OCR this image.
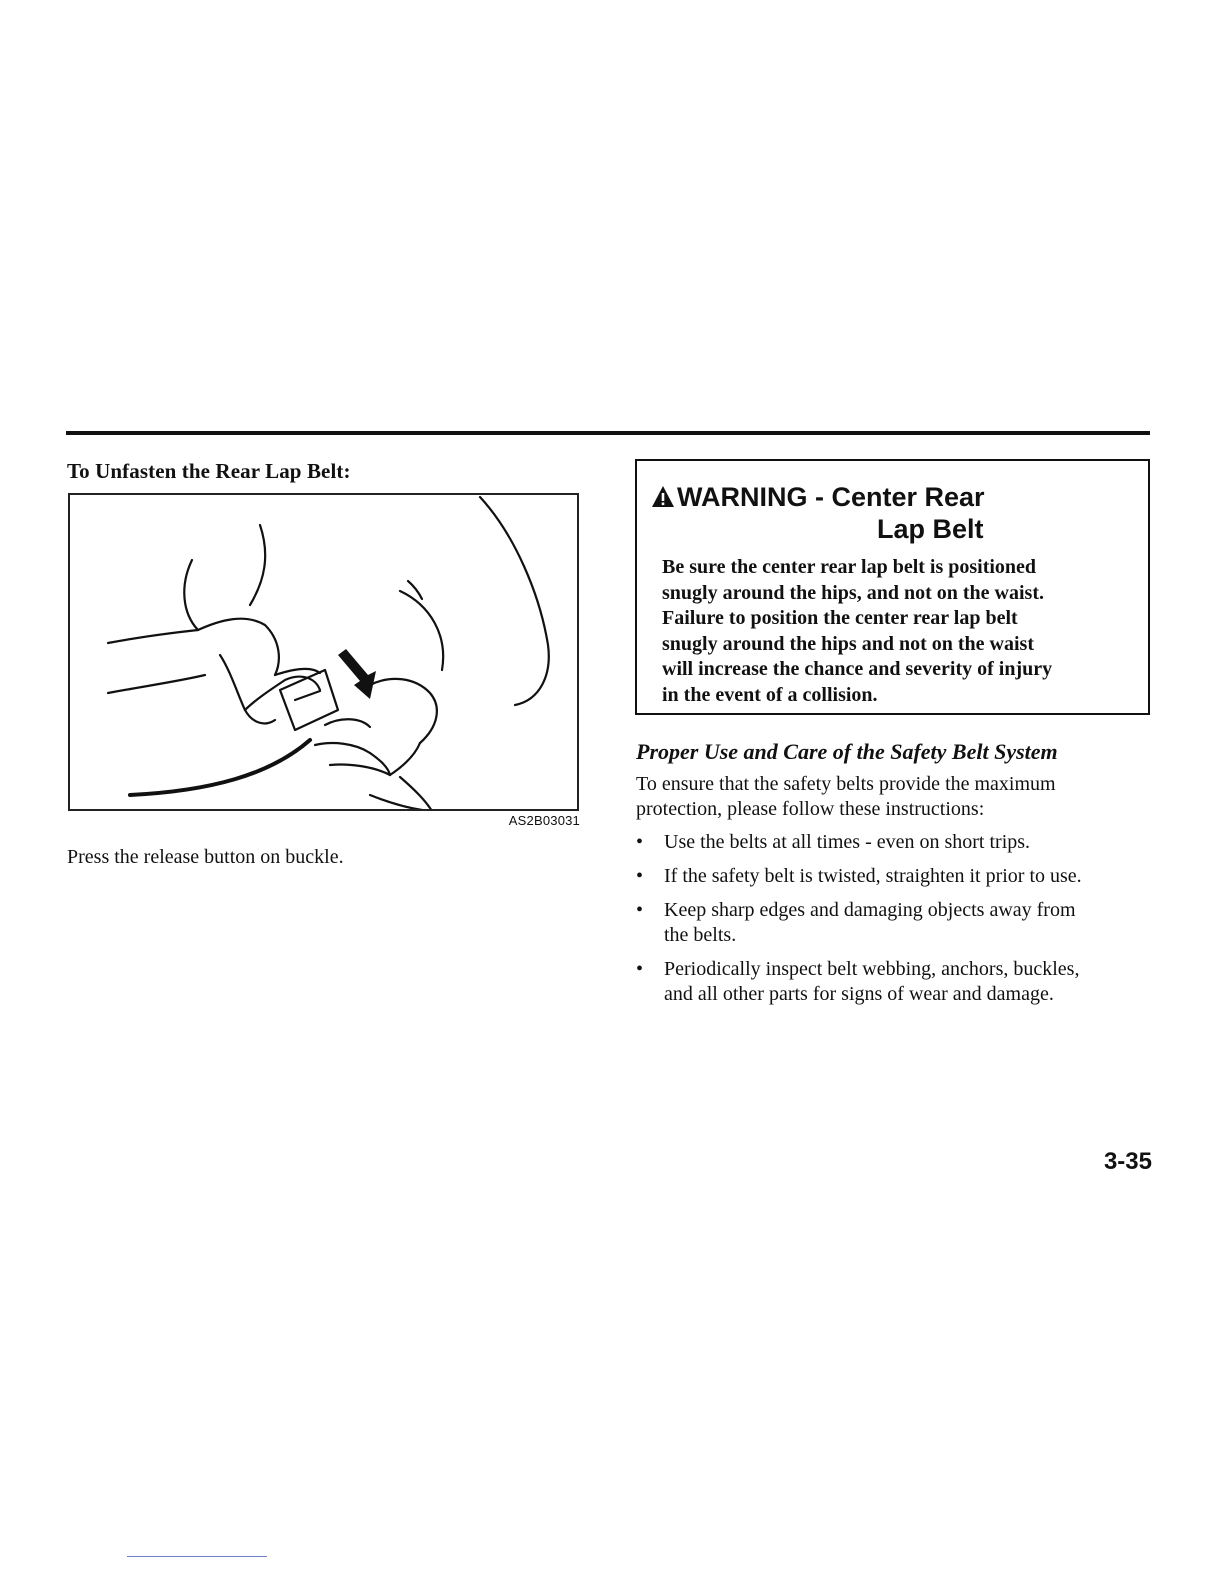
To Unfasten the Rear Lap Belt:
AS2B03031
Press the release button on buckle.
WARNING - Center Rear
Lap Belt
Be sure the center rear lap belt is positioned
snugly around the hips, and not on the waist.
Failure to position the center rear lap belt
snugly around the hips and not on the waist
will increase the chance and severity of injury
in the event of a collision.
Proper Use and Care of the Safety Belt System
To ensure that the safety belts provide the maximum
protection, please follow these instructions:
• Use the belts at all times - even on short trips.
• If the safety belt is twisted, straighten it prior to use.
• Keep sharp edges and damaging objects away from
the belts.
• Periodically inspect belt webbing, anchors, buckles,
and all other parts for signs of wear and damage.
3-35
